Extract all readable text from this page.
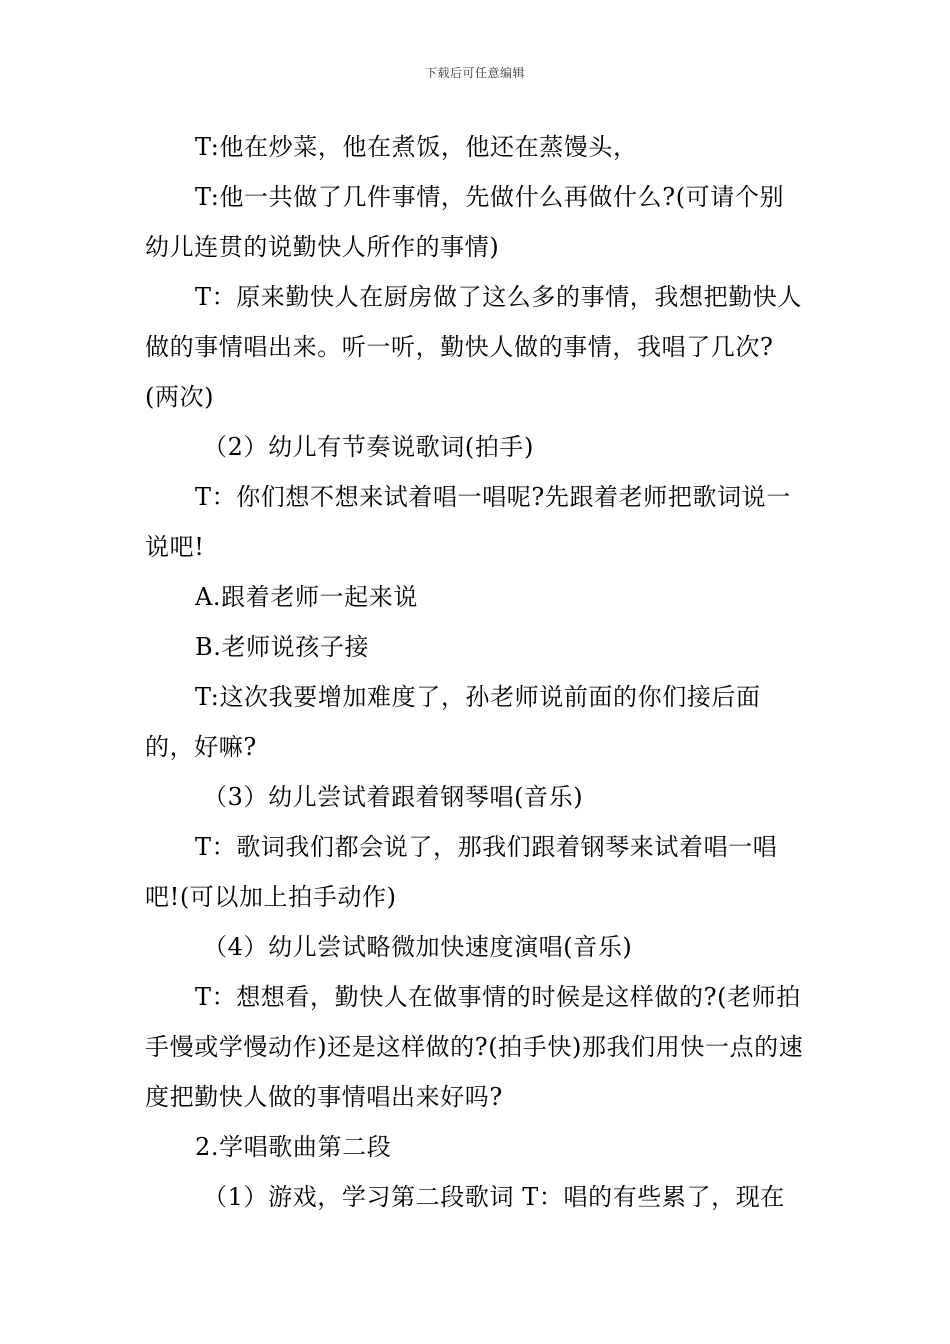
下载后可任意编辑

T:他在炒菜，他在煮饭，他还在蒸馒头，

T:他一共做了几件事情，先做什么再做什么?(可请个别幼儿连贯的说勤快人所作的事情)

T：原来勤快人在厨房做了这么多的事情，我想把勤快人做的事情唱出来。听一听，勤快人做的事情，我唱了几次?(两次)

（2）幼儿有节奏说歌词(拍手)

T：你们想不想来试着唱一唱呢?先跟着老师把歌词说一说吧!

A.跟着老师一起来说

B.老师说孩子接

T:这次我要增加难度了，孙老师说前面的你们接后面的，好嘛?

（3）幼儿尝试着跟着钢琴唱(音乐)

T：歌词我们都会说了，那我们跟着钢琴来试着唱一唱吧!(可以加上拍手动作)

（4）幼儿尝试略微加快速度演唱(音乐)

T：想想看，勤快人在做事情的时候是这样做的?(老师拍手慢或学慢动作)还是这样做的?(拍手快)那我们用快一点的速度把勤快人做的事情唱出来好吗?

2.学唱歌曲第二段

（1）游戏，学习第二段歌词 T：唱的有些累了，现在
